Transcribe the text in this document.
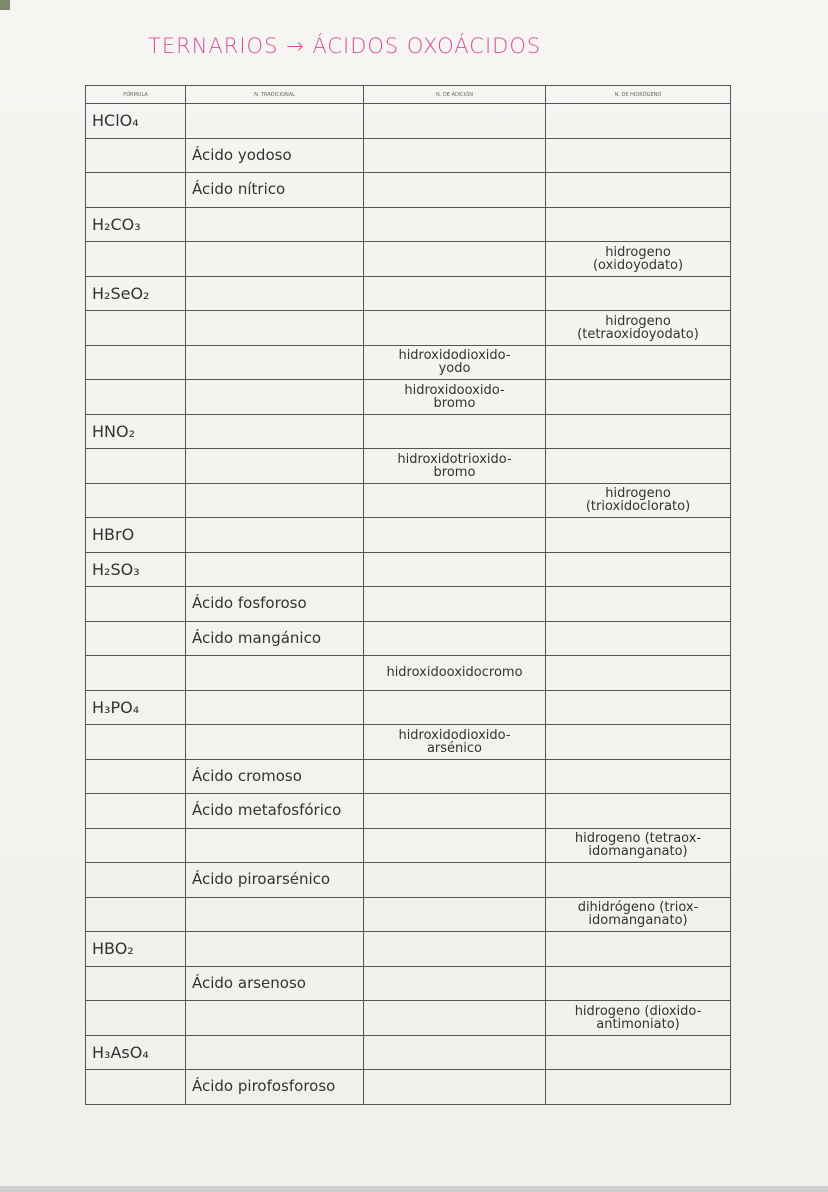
TERNARIOS → ÁCIDOS OXOÁCIDOS
FÓRMULA	N. TRADICIONAL	N. DE ADICIÓN	N. DE HIDRÓGENO
HClO₄			
	Ácido yodoso		
	Ácido nítrico		
H₂CO₃			
			hidrogeno
(oxidoyodato)
H₂SeO₂			
			hidrogeno
(tetraoxidoyodato)
		hidroxidodioxido-
yodo	
		hidroxidooxido-
bromo	
HNO₂			
		hidroxidotrioxido-
bromo	
			hidrogeno
(trioxidoclorato)
HBrO			
H₂SO₃			
	Ácido fosforoso		
	Ácido mangánico		
		hidroxidooxidocromo	
H₃PO₄			
		hidroxidodioxido-
arsénico	
	Ácido cromoso		
	Ácido metafosfórico		
			hidrogeno (tetraox-
idomanganato)
	Ácido piroarsénico		
			dihidrógeno (triox-
idomanganato)
HBO₂			
	Ácido arsenoso		
			hidrogeno (dioxido-
antimoniato)
H₃AsO₄			
	Ácido pirofosforoso		
